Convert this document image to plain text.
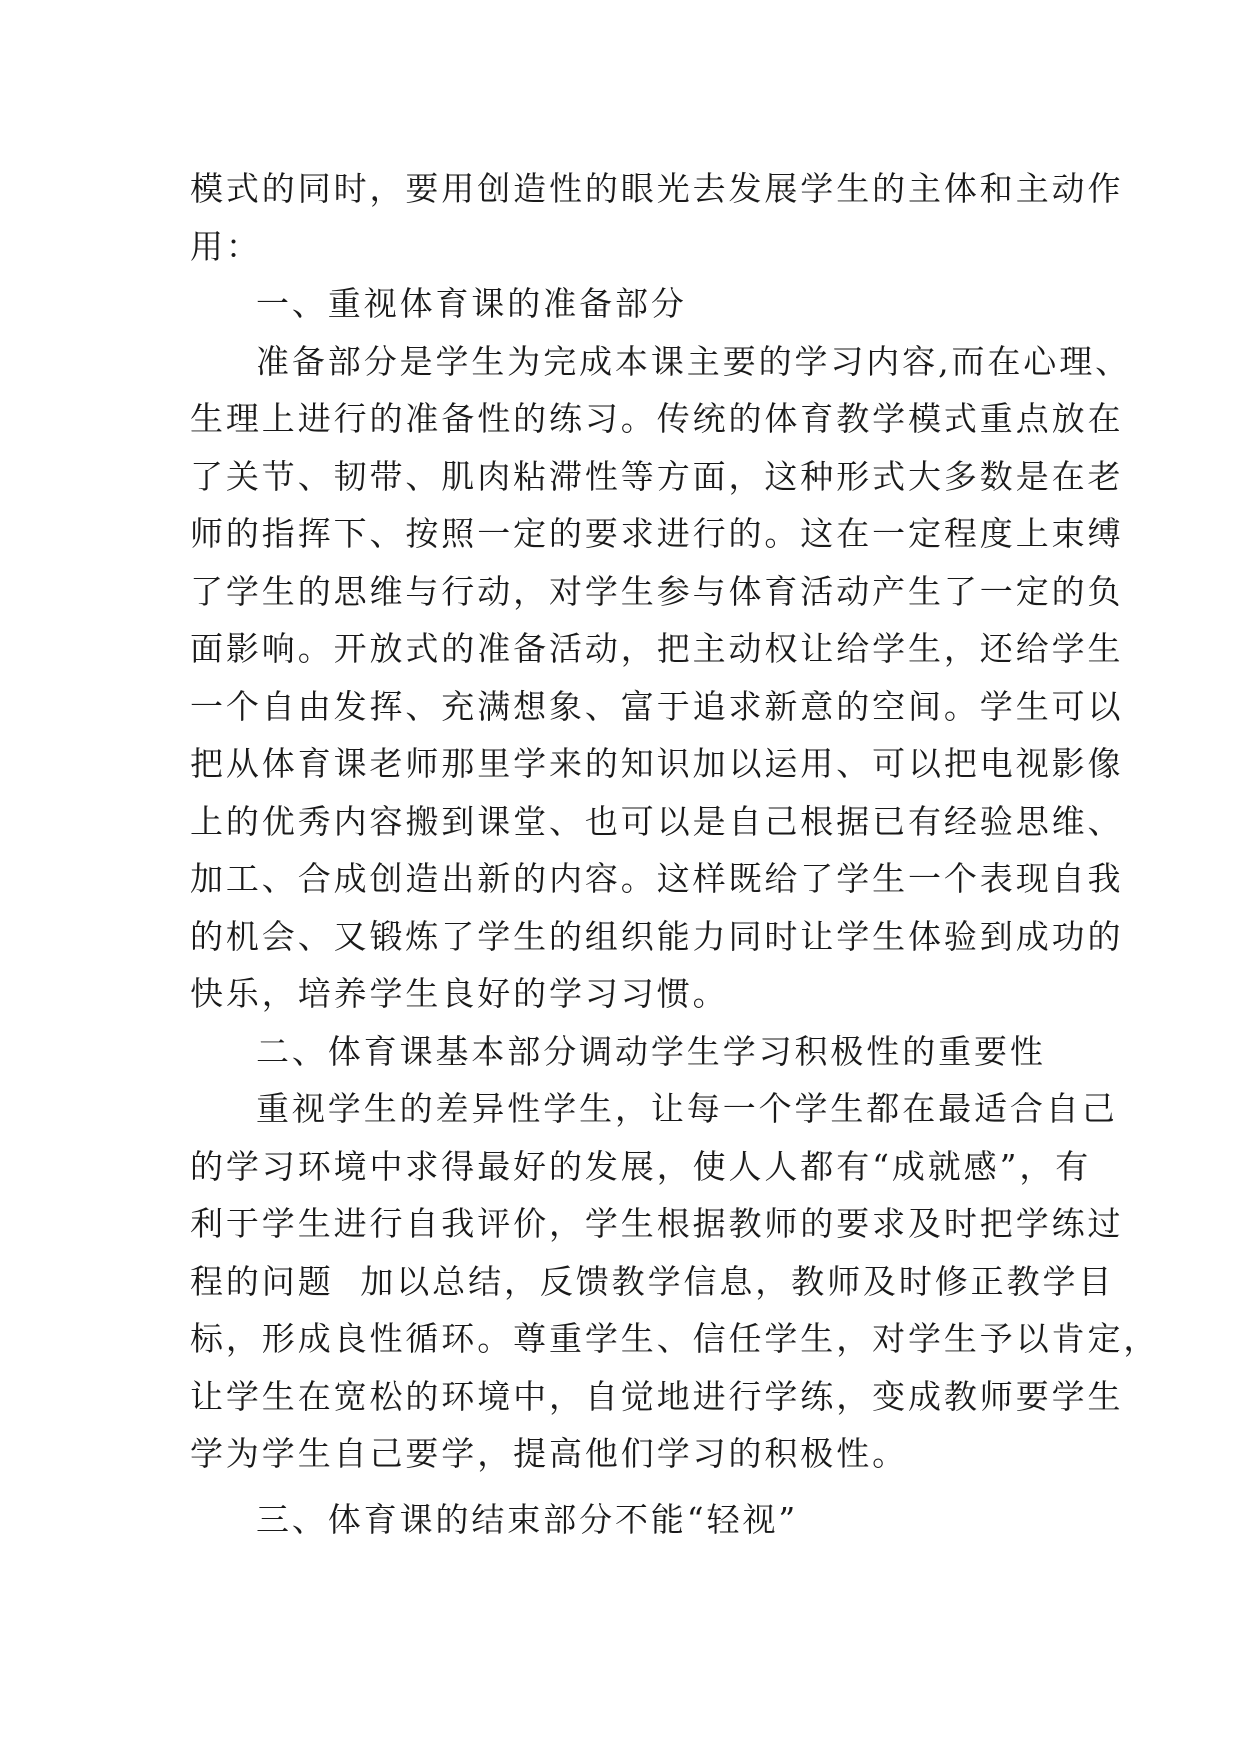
模式的同时，要用创造性的眼光去发展学生的主体和主动作
用：
一、重视体育课的准备部分
准备部分是学生为完成本课主要的学习内容,而在心理、
生理上进行的准备性的练习。传统的体育教学模式重点放在
了关节、韧带、肌肉粘滞性等方面，这种形式大多数是在老
师的指挥下、按照一定的要求进行的。这在一定程度上束缚
了学生的思维与行动，对学生参与体育活动产生了一定的负
面影响。开放式的准备活动，把主动权让给学生，还给学生
一个自由发挥、充满想象、富于追求新意的空间。学生可以
把从体育课老师那里学来的知识加以运用、可以把电视影像
上的优秀内容搬到课堂、也可以是自己根据已有经验思维、
加工、合成创造出新的内容。这样既给了学生一个表现自我
的机会、又锻炼了学生的组织能力同时让学生体验到成功的
快乐，培养学生良好的学习习惯。
二、体育课基本部分调动学生学习积极性的重要性
重视学生的差异性学生，让每一个学生都在最适合自己
的学习环境中求得最好的发展，使人人都有“成就感”，有
利于学生进行自我评价，学生根据教师的要求及时把学练过
程的问题  加以总结，反馈教学信息，教师及时修正教学目
标，形成良性循环。尊重学生、信任学生，对学生予以肯定，
让学生在宽松的环境中，自觉地进行学练，变成教师要学生
学为学生自己要学，提高他们学习的积极性。
三、体育课的结束部分不能“轻视”
